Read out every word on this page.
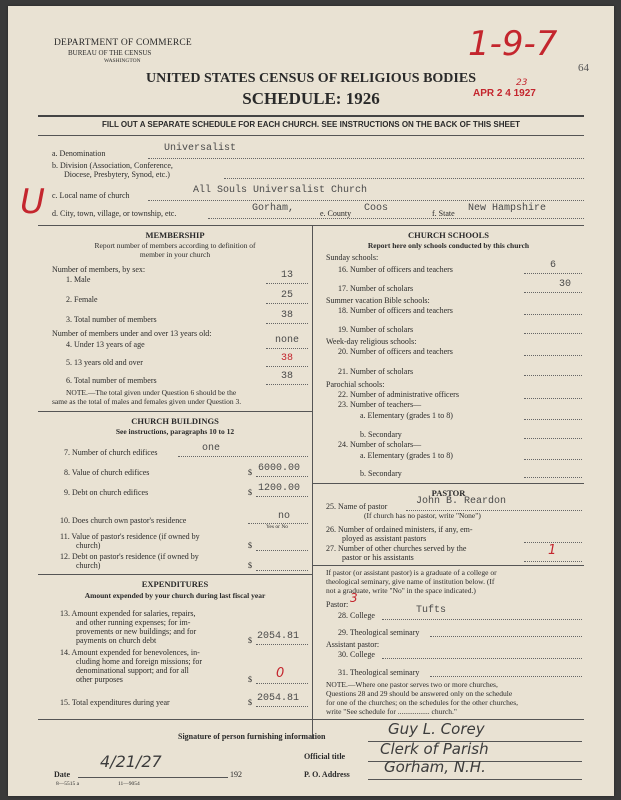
DEPARTMENT OF COMMERCE
BUREAU OF THE CENSUS
WASHINGTON
UNITED STATES CENSUS OF RELIGIOUS BODIES
SCHEDULE: 1926
FILL OUT A SEPARATE SCHEDULE FOR EACH CHURCH. SEE INSTRUCTIONS ON THE BACK OF THIS SHEET
1-9-7
APR 2 4 1927
23
64
U
a. Denomination	Universalist
b. Division (Association, Conference,
Diocese, Presbytery, Synod, etc.)
c. Local name of church	All Souls Universalist Church
d. City, town, village, or township, etc.	Gorham,	e. County Coos	f. State New Hampshire
MEMBERSHIP
Report number of members according to definition of
member in your church
Number of members, by sex:
1. Male	13
2. Female	25
3. Total number of members	38
Number of members under and over 13 years old:
4. Under 13 years of age	none
5. 13 years old and over	38
6. Total number of members	38
NOTE.—The total given under Question 6 should be the
same as the total of males and females given under Question 3.
CHURCH BUILDINGS
See instructions, paragraphs 10 to 12
7. Number of church edifices	one
8. Value of church edifices	$ 6000.00
9. Debt on church edifices	$ 1200.00
10. Does church own pastor's residence	no
Yes or No
11. Value of pastor's residence (if owned by
church)	$
12. Debt on pastor's residence (if owned by
church)	$
EXPENDITURES
Amount expended by your church during last fiscal year
13. Amount expended for salaries, repairs,
and other running expenses; for im-
provements or new buildings; and for
payments on church debt	$ 2054.81
14. Amount expended for benevolences, in-
cluding home and foreign missions; for
denominational support; and for all
other purposes	$ 0
15. Total expenditures during year	$ 2054.81
CHURCH SCHOOLS
Report here only schools conducted by this church
Sunday schools:
16. Number of officers and teachers	6
17. Number of scholars	30
Summer vacation Bible schools:
18. Number of officers and teachers
19. Number of scholars
Week-day religious schools:
20. Number of officers and teachers
21. Number of scholars
Parochial schools:
22. Number of administrative officers
23. Number of teachers—
a. Elementary (grades 1 to 8)
b. Secondary
24. Number of scholars—
a. Elementary (grades 1 to 8)
b. Secondary
PASTOR
25. Name of pastor	John B. Reardon
(If church has no pastor, write "None")
26. Number of ordained ministers, if any, em-
ployed as assistant pastors
27. Number of other churches served by the
pastor or his assistants	1
If pastor (or assistant pastor) is a graduate of a college or
theological seminary, give name of institution below. (If
not a graduate, write "No" in the space indicated.)
Pastor: 3
28. College	Tufts
29. Theological seminary
Assistant pastor:
30. College
31. Theological seminary
NOTE.—Where one pastor serves two or more churches,
Questions 28 and 29 should be answered only on the schedule
for one of the churches; on the schedules for the other churches,
write "See schedule for ................. church."
Signature of person furnishing information	Guy L. Corey
Official title Clerk of Parish
Date
4/21/27
192	P. O. Address Gorham, N.H.
8—5515 a	11—9054
